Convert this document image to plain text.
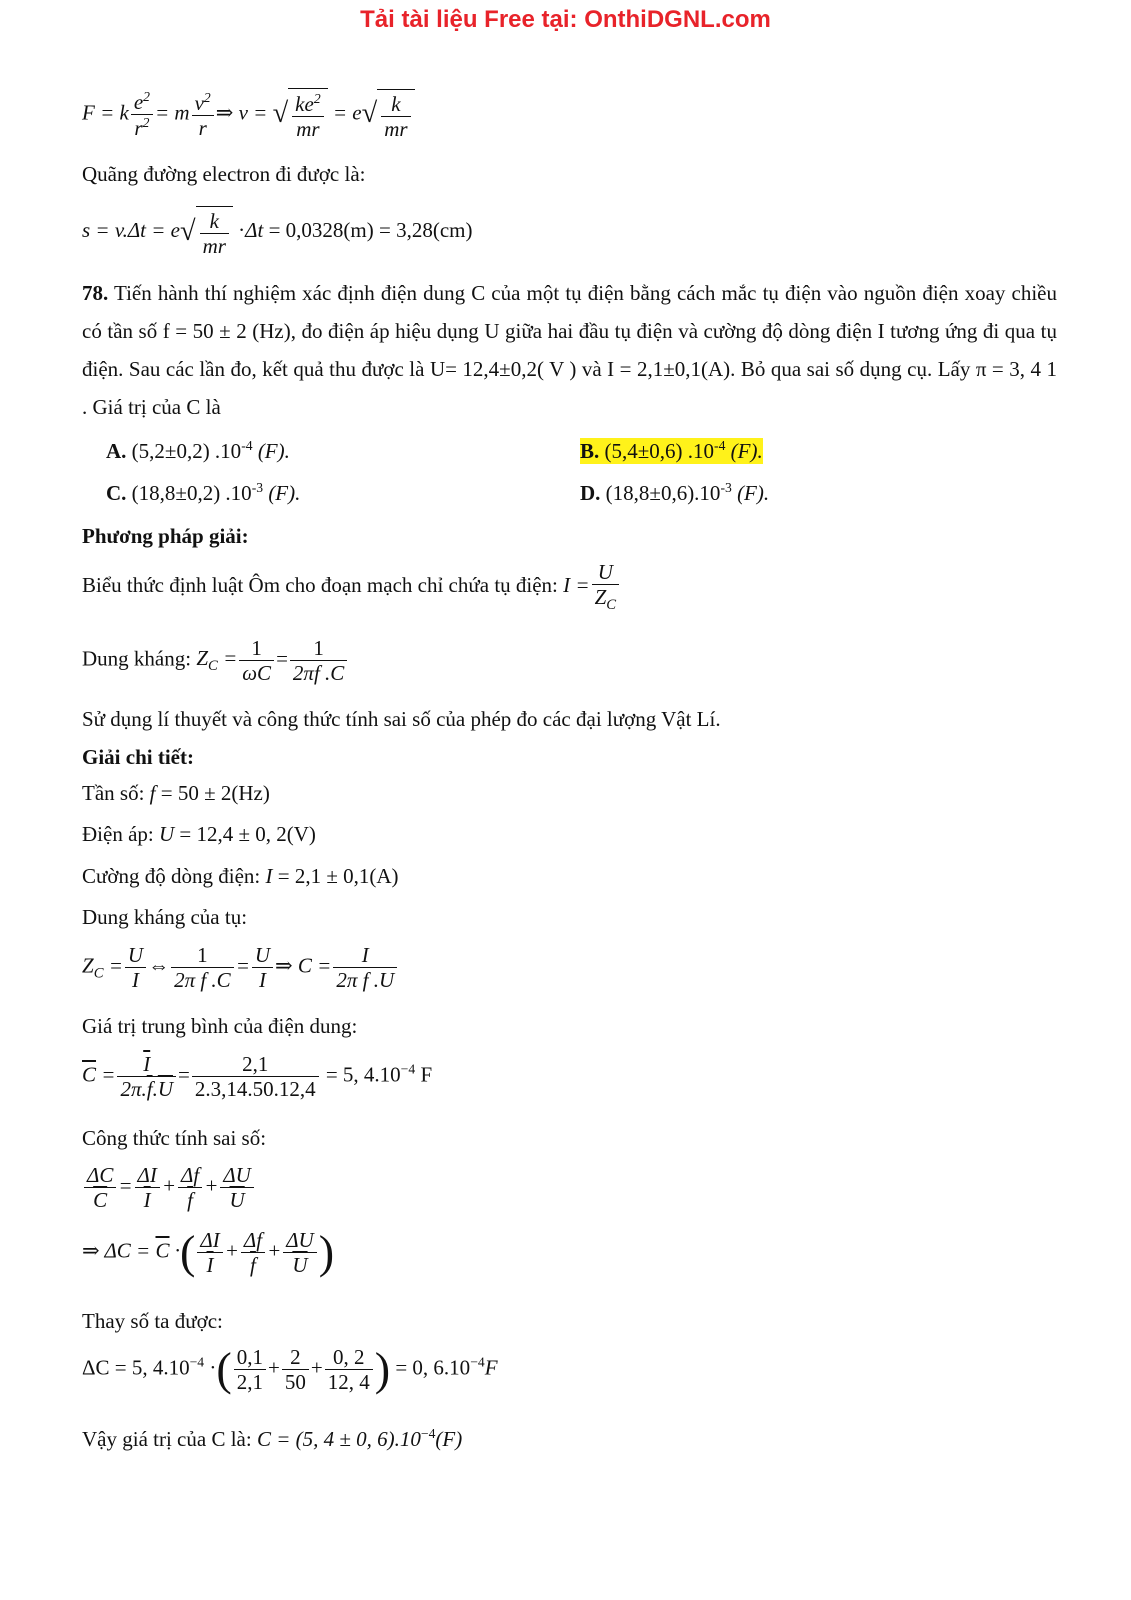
Tải tài liệu Free tại: OnthiDGNL.com
F = k $\frac{e^2}{r^2} = m \frac{v^2}{r}$ ⇒ v = √ $\frac{ke^2}{mr} = e$ √ $\frac{k}{mr}$
Quãng đường electron đi được là:
s = v.Δt = e √ $\frac{k}{mr} \cdot\Delta t = 0,0328(m) = 3,28(cm)$
78. Tiến hành thí nghiệm xác định điện dung C của một tụ điện bằng cách mắc tụ điện vào nguồn điện xoay chiều có tần số f = 50 ± 2 (Hz), đo điện áp hiệu dụng U giữa hai đầu tụ điện và cường độ dòng điện I tương ứng đi qua tụ điện. Sau các lần đo, kết quả thu được là U= 12,4±0,2( V ) và I = 2,1±0,1(A). Bỏ qua sai số dụng cụ. Lấy π = 3, 4 1 . Giá trị của C là
A. (5,2±0,2) $.10^{-4}$ (F).	B. (5,4±0,6) $.10^{-4}$ (F).
C. (18,8±0,2) $.10^{-3}$ (F).	D. $(18,8\pm 0,6).10^{-3}$ (F).
Phương pháp giải:
Biểu thức định luật Ôm cho đoạn mạch chỉ chứa tụ điện: $I = \frac{U}{Z_C}$
Dung kháng: $Z_C = \frac{1}{\omega C} = \frac{1}{2\pi f .C}$
Sử dụng lí thuyết và công thức tính sai số của phép đo các đại lượng Vật Lí.
Giải chi tiết:
Tần số: f = 50 ± 2(Hz)
Điện áp: U = 12,4 ± 0, 2(V)
Cường độ dòng điện: I = 2,1 ± 0,1(A)
Dung kháng của tụ:
$Z_C = \frac{U}{I}$ ⇔ $\frac{1}{\text{2π f .C}} = \frac{U}{I}$ ⇒ $C = \frac{I}{\text{2π f .U}}$
Giá trị trung bình của điện dung:
$\overline{C} = \frac{\overline{I}}{2\pi.\overline{f}.\overline{U}} = \frac{2,1}{2.3,14.50.12,4} = 5$, $4.10^{-4}$ F
Công thức tính sai số:
$\frac{\Delta C}{C} = \frac{\Delta I}{I} + \frac{\Delta f}{f} + \frac{\Delta U}{U}$
⇒ $\Delta C = \overline{C}$ ·( $\frac{\Delta I}{I} + \frac{\Delta f}{f} + \frac{\Delta U}{U}$ )
Thay số ta được:
ΔC = 5, $4.10^{-4}$ ·( $\frac{0,1}{2,1} + \frac{2}{50} + \frac{0, 2}{12, 4}$ ) = 0, $6.10^{-4}F$
Vậy giá trị của C là: C = (5, 4 ± 0, $6).10^{-4}(F)$
